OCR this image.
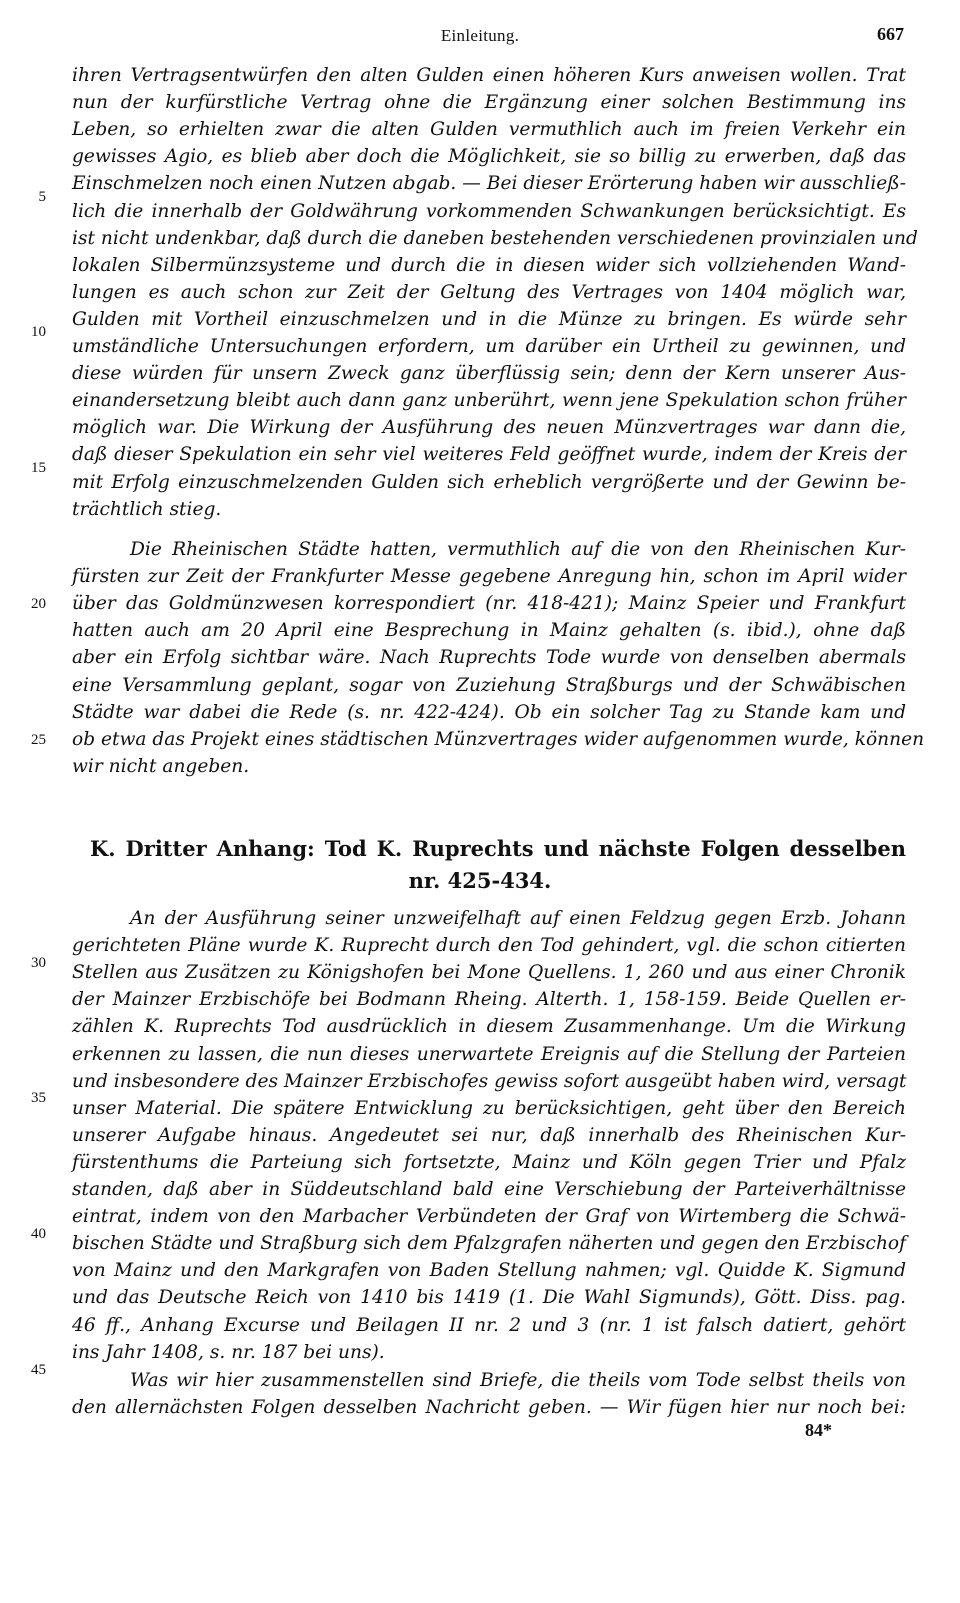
Einleitung.	667
ihren Vertragsentwürfen den alten Gulden einen höheren Kurs anweisen wollen. Trat
nun der kurfürstliche Vertrag ohne die Ergänzung einer solchen Bestimmung ins
Leben, so erhielten zwar die alten Gulden vermuthlich auch im freien Verkehr ein
gewisses Agio, es blieb aber doch die Möglichkeit, sie so billig zu erwerben, daß das
Einschmelzen noch einen Nutzen abgab. — Bei dieser Erörterung haben wir ausschließ-
lich die innerhalb der Goldwährung vorkommenden Schwankungen berücksichtigt. Es
ist nicht undenkbar, daß durch die daneben bestehenden verschiedenen provinzialen und
lokalen Silbermünzsysteme und durch die in diesen wider sich vollziehenden Wand-
lungen es auch schon zur Zeit der Geltung des Vertrages von 1404 möglich war,
Gulden mit Vortheil einzuschmelzen und in die Münze zu bringen. Es würde sehr
umständliche Untersuchungen erfordern, um darüber ein Urtheil zu gewinnen, und
diese würden für unsern Zweck ganz überflüssig sein; denn der Kern unserer Aus-
einandersetzung bleibt auch dann ganz unberührt, wenn jene Spekulation schon früher
möglich war. Die Wirkung der Ausführung des neuen Münzvertrages war dann die,
daß dieser Spekulation ein sehr viel weiteres Feld geöffnet wurde, indem der Kreis der
mit Erfolg einzuschmelzenden Gulden sich erheblich vergrößerte und der Gewinn be-
trächtlich stieg.
Die Rheinischen Städte hatten, vermuthlich auf die von den Rheinischen Kur-
fürsten zur Zeit der Frankfurter Messe gegebene Anregung hin, schon im April wider
über das Goldmünzwesen korrespondiert (nr. 418-421); Mainz Speier und Frankfurt
hatten auch am 20 April eine Besprechung in Mainz gehalten (s. ibid.), ohne daß
aber ein Erfolg sichtbar wäre. Nach Ruprechts Tode wurde von denselben abermals
eine Versammlung geplant, sogar von Zuziehung Straßburgs und der Schwäbischen
Städte war dabei die Rede (s. nr. 422-424). Ob ein solcher Tag zu Stande kam und
ob etwa das Projekt eines städtischen Münzvertrages wider aufgenommen wurde, können
wir nicht angeben.
An der Ausführung seiner unzweifelhaft auf einen Feldzug gegen Erzb. Johann
gerichteten Pläne wurde K. Ruprecht durch den Tod gehindert, vgl. die schon citierten
Stellen aus Zusätzen zu Königshofen bei Mone Quellens. 1, 260 und aus einer Chronik
der Mainzer Erzbischöfe bei Bodmann Rheing. Alterth. 1, 158-159. Beide Quellen er-
zählen K. Ruprechts Tod ausdrücklich in diesem Zusammenhange. Um die Wirkung
erkennen zu lassen, die nun dieses unerwartete Ereignis auf die Stellung der Parteien
und insbesondere des Mainzer Erzbischofes gewiss sofort ausgeübt haben wird, versagt
unser Material. Die spätere Entwicklung zu berücksichtigen, geht über den Bereich
unserer Aufgabe hinaus. Angedeutet sei nur, daß innerhalb des Rheinischen Kur-
fürstenthums die Parteiung sich fortsetzte, Mainz und Köln gegen Trier und Pfalz
standen, daß aber in Süddeutschland bald eine Verschiebung der Parteiverhältnisse
eintrat, indem von den Marbacher Verbündeten der Graf von Wirtemberg die Schwä-
bischen Städte und Straßburg sich dem Pfalzgrafen näherten und gegen den Erzbischof
von Mainz und den Markgrafen von Baden Stellung nahmen; vgl. Quidde K. Sigmund
und das Deutsche Reich von 1410 bis 1419 (1. Die Wahl Sigmunds), Gött. Diss. pag.
46 ff., Anhang Excurse und Beilagen II nr. 2 und 3 (nr. 1 ist falsch datiert, gehört
ins Jahr 1408, s. nr. 187 bei uns).
Was wir hier zusammenstellen sind Briefe, die theils vom Tode selbst theils von
den allernächsten Folgen desselben Nachricht geben. — Wir fügen hier nur noch bei:
5
10
15
20
25
30
35
40
45
K. Dritter Anhang: Tod K. Ruprechts und nächste Folgen desselben
nr. 425-434.
84*
